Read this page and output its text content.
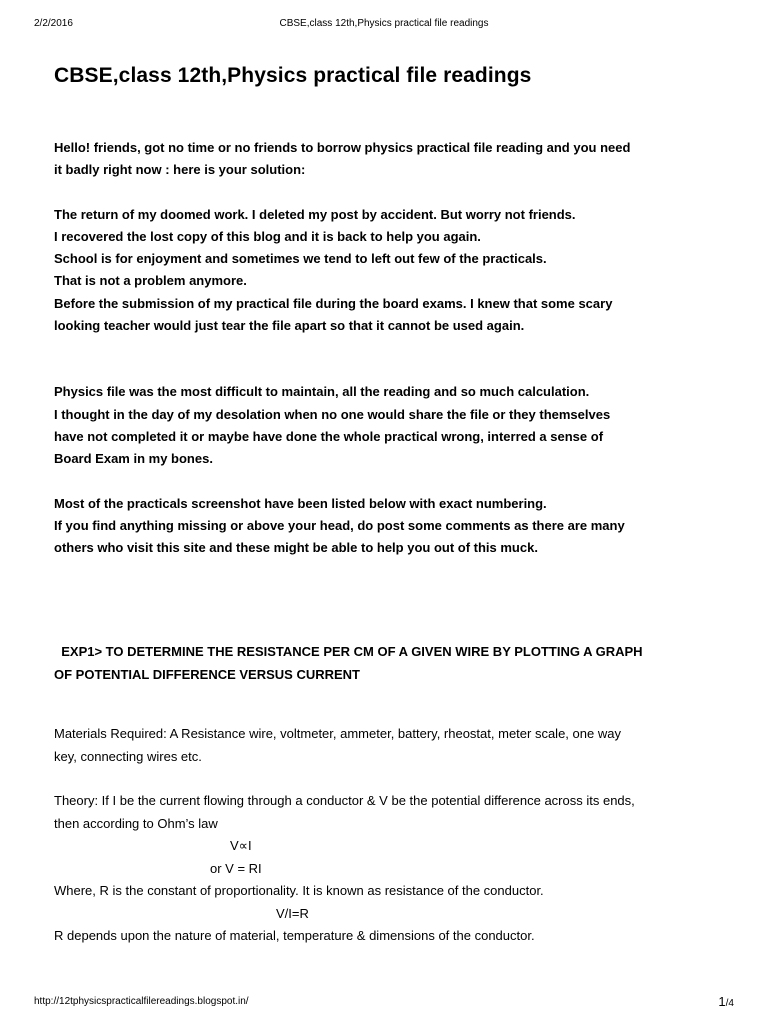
2/2/2016	CBSE,class 12th,Physics practical file readings
CBSE,class 12th,Physics practical file readings

Hello! friends, got no time or no friends to borrow physics practical file reading and you need

it badly right now : here is your solution:

The return of my doomed work. I deleted my post by accident. But worry not friends.

I recovered the lost copy of this blog and it is back to help you again.

School is for enjoyment and sometimes we tend to left out few of the practicals.

That is not a problem anymore.

Before the submission of my practical file during the board exams. I knew that some scary

looking teacher would just tear the file apart so that it cannot be used again.

Physics file was the most difficult to maintain, all the reading and so much calculation.

I thought in the day of my desolation when no one would share the file or they themselves

have not completed it or maybe have done the whole practical wrong, interred a sense of

Board Exam in my bones.

Most of the practicals screenshot have been listed below with exact numbering.

If you find anything missing or above your head, do post some comments as there are many

others who visit this site and these might be able to help you out of this muck.

EXP1> TO DETERMINE THE RESISTANCE PER CM OF A GIVEN WIRE BY PLOTTING A GRAPH

OF POTENTIAL DIFFERENCE VERSUS CURRENT

Materials Required: A Resistance wire, voltmeter, ammeter, battery, rheostat, meter scale, one way

key, connecting wires etc.

Theory: If I be the current flowing through a conductor & V be the potential difference across its ends,

then according to Ohm’s law

V∝I

or V = RI

Where, R is the constant of proportionality. It is known as resistance of the conductor.

V/I=R

R depends upon the nature of material, temperature & dimensions of the conductor.

http://12tphysicspracticalfilereadings.blogspot.in/	1/4
